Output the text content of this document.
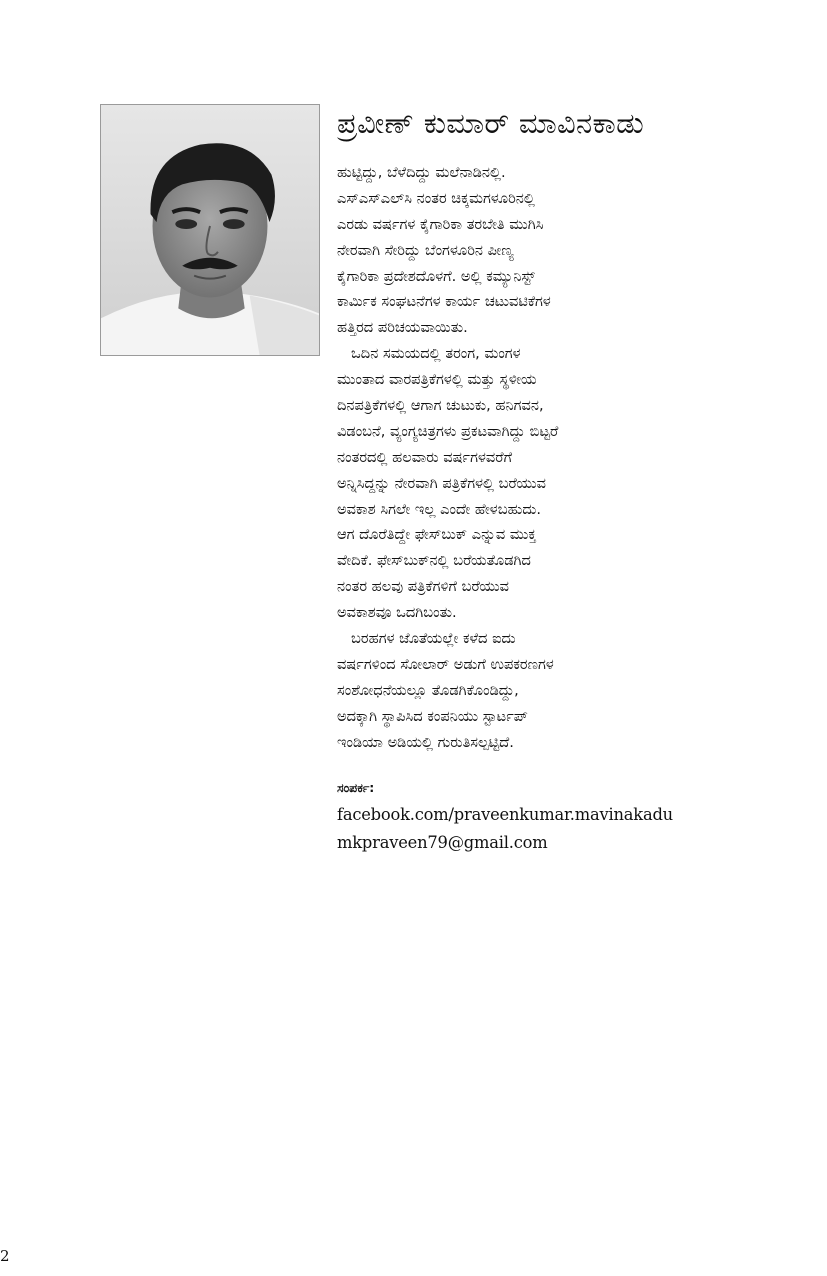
ಪ್ರವೀಣ್ ಕುಮಾರ್ ಮಾವಿನಕಾಡು
ಹುಟ್ಟಿದ್ದು, ಬೆಳೆದಿದ್ದು ಮಲೆನಾಡಿನಲ್ಲಿ.
ಎಸ್‌ಎಸ್‌ಎಲ್‌ಸಿ ನಂತರ ಚಿಕ್ಕಮಗಳೂರಿನಲ್ಲಿ
ಎರಡು ವರ್ಷಗಳ ಕೈಗಾರಿಕಾ ತರಬೇತಿ ಮುಗಿಸಿ
ನೇರವಾಗಿ ಸೇರಿದ್ದು ಬೆಂಗಳೂರಿನ ಪೀಣ್ಯ
ಕೈಗಾರಿಕಾ ಪ್ರದೇಶದೊಳಗೆ. ಅಲ್ಲಿ ಕಮ್ಯುನಿಸ್ಟ್
ಕಾರ್ಮಿಕ ಸಂಘಟನೆಗಳ ಕಾರ್ಯ ಚಟುವಟಿಕೆಗಳ
ಹತ್ತಿರದ ಪರಿಚಯವಾಯಿತು.
ಒದಿನ ಸಮಯದಲ್ಲಿ ತರಂಗ, ಮಂಗಳ
ಮುಂತಾದ ವಾರಪತ್ರಿಕೆಗಳಲ್ಲಿ ಮತ್ತು ಸ್ಥಳೀಯ
ದಿನಪತ್ರಿಕೆಗಳಲ್ಲಿ ಆಗಾಗ ಚುಟುಕು, ಹನಿಗವನ,
ವಿಡಂಬನೆ, ವ್ಯಂಗ್ಯಚಿತ್ರಗಳು ಪ್ರಕಟವಾಗಿದ್ದು ಬಿಟ್ಟರೆ
ನಂತರದಲ್ಲಿ ಹಲವಾರು ವರ್ಷಗಳವರೆಗೆ
ಅನ್ನಿಸಿದ್ದನ್ನು ನೇರವಾಗಿ ಪತ್ರಿಕೆಗಳಲ್ಲಿ ಬರೆಯುವ
ಅವಕಾಶ ಸಿಗಲೇ ಇಲ್ಲ ಎಂದೇ ಹೇಳಬಹುದು.
ಆಗ ದೊರೆತಿದ್ದೇ ಫೇಸ್‌ಬುಕ್ ಎನ್ನುವ ಮುಕ್ತ
ವೇದಿಕೆ. ಫೇಸ್‌ಬುಕ್‌ನಲ್ಲಿ ಬರೆಯತೊಡಗಿದ
ನಂತರ ಹಲವು ಪತ್ರಿಕೆಗಳಿಗೆ ಬರೆಯುವ
ಅವಕಾಶವೂ ಒದಗಿಬಂತು.
ಬರಹಗಳ ಜೊತೆಯಲ್ಲೇ ಕಳೆದ ಐದು
ವರ್ಷಗಳಿಂದ ಸೋಲಾರ್ ಅಡುಗೆ ಉಪಕರಣಗಳ
ಸಂಶೋಧನೆಯಲ್ಲೂ ತೊಡಗಿಕೊಂಡಿದ್ದು,
ಅದಕ್ಕಾಗಿ ಸ್ಥಾಪಿಸಿದ ಕಂಪನಿಯು ಸ್ಟಾರ್ಟಪ್
ಇಂಡಿಯಾ ಅಡಿಯಲ್ಲಿ ಗುರುತಿಸಲ್ಪಟ್ಟಿದೆ.
ಸಂಪರ್ಕ:
facebook.com/praveenkumar.mavinakadu
mkpraveen79@gmail.com
2
